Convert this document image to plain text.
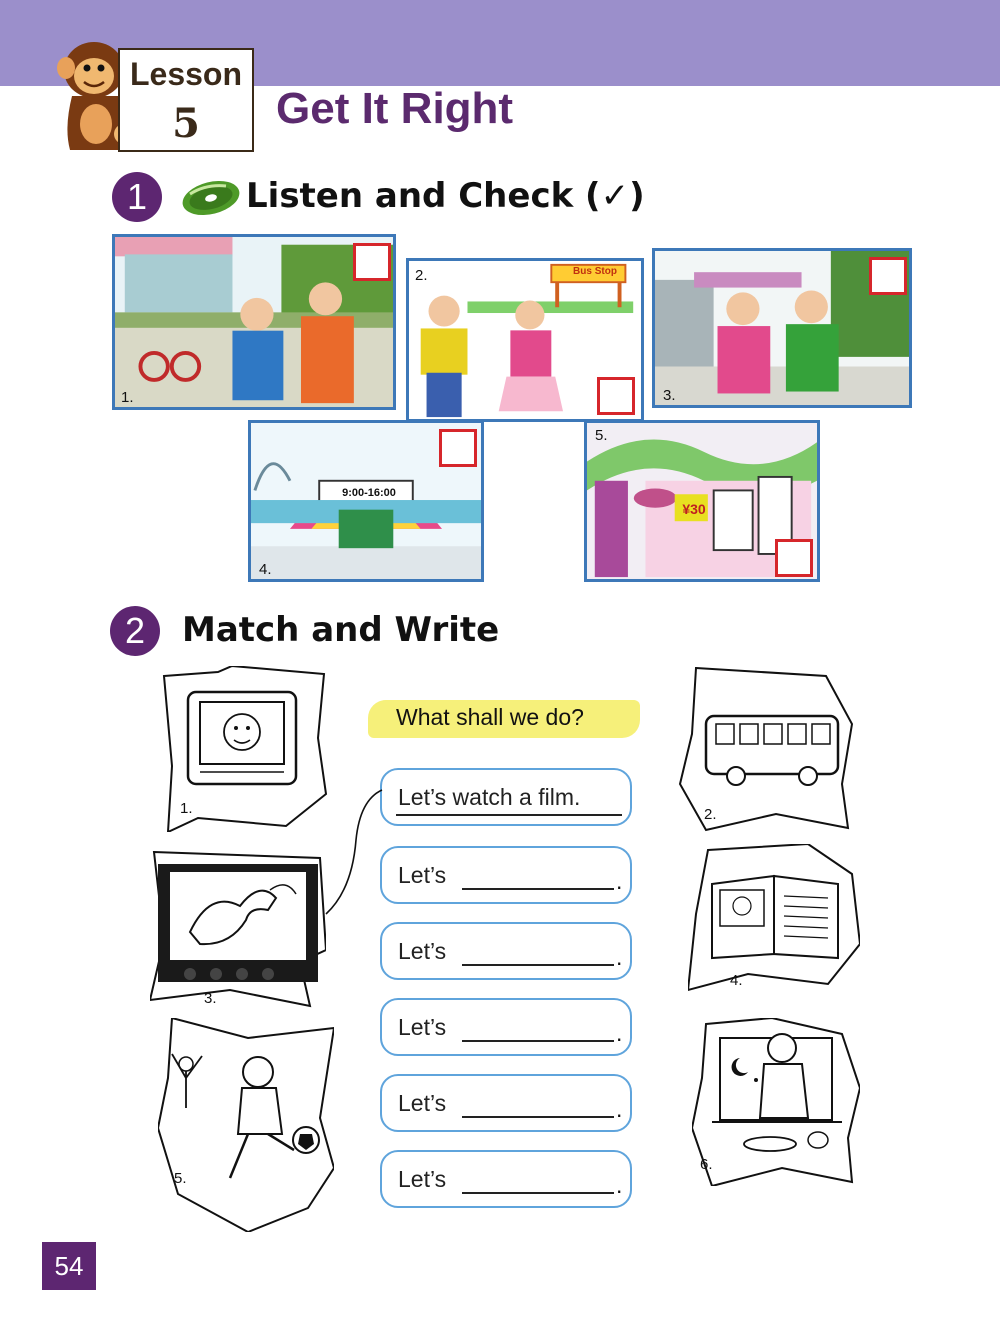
Lesson
5	Get It Right
1	Listen and Check (✓)
1.
2.	Bus Stop
3.
9:00-16:00
4.
¥30
5.
2	Match and Write
What shall we do?
Let’s watch a film.
Let’s	.
Let’s	.
Let’s	.
Let’s	.
Let’s	.
1.	2.
3.
4.
5.
6.
54
